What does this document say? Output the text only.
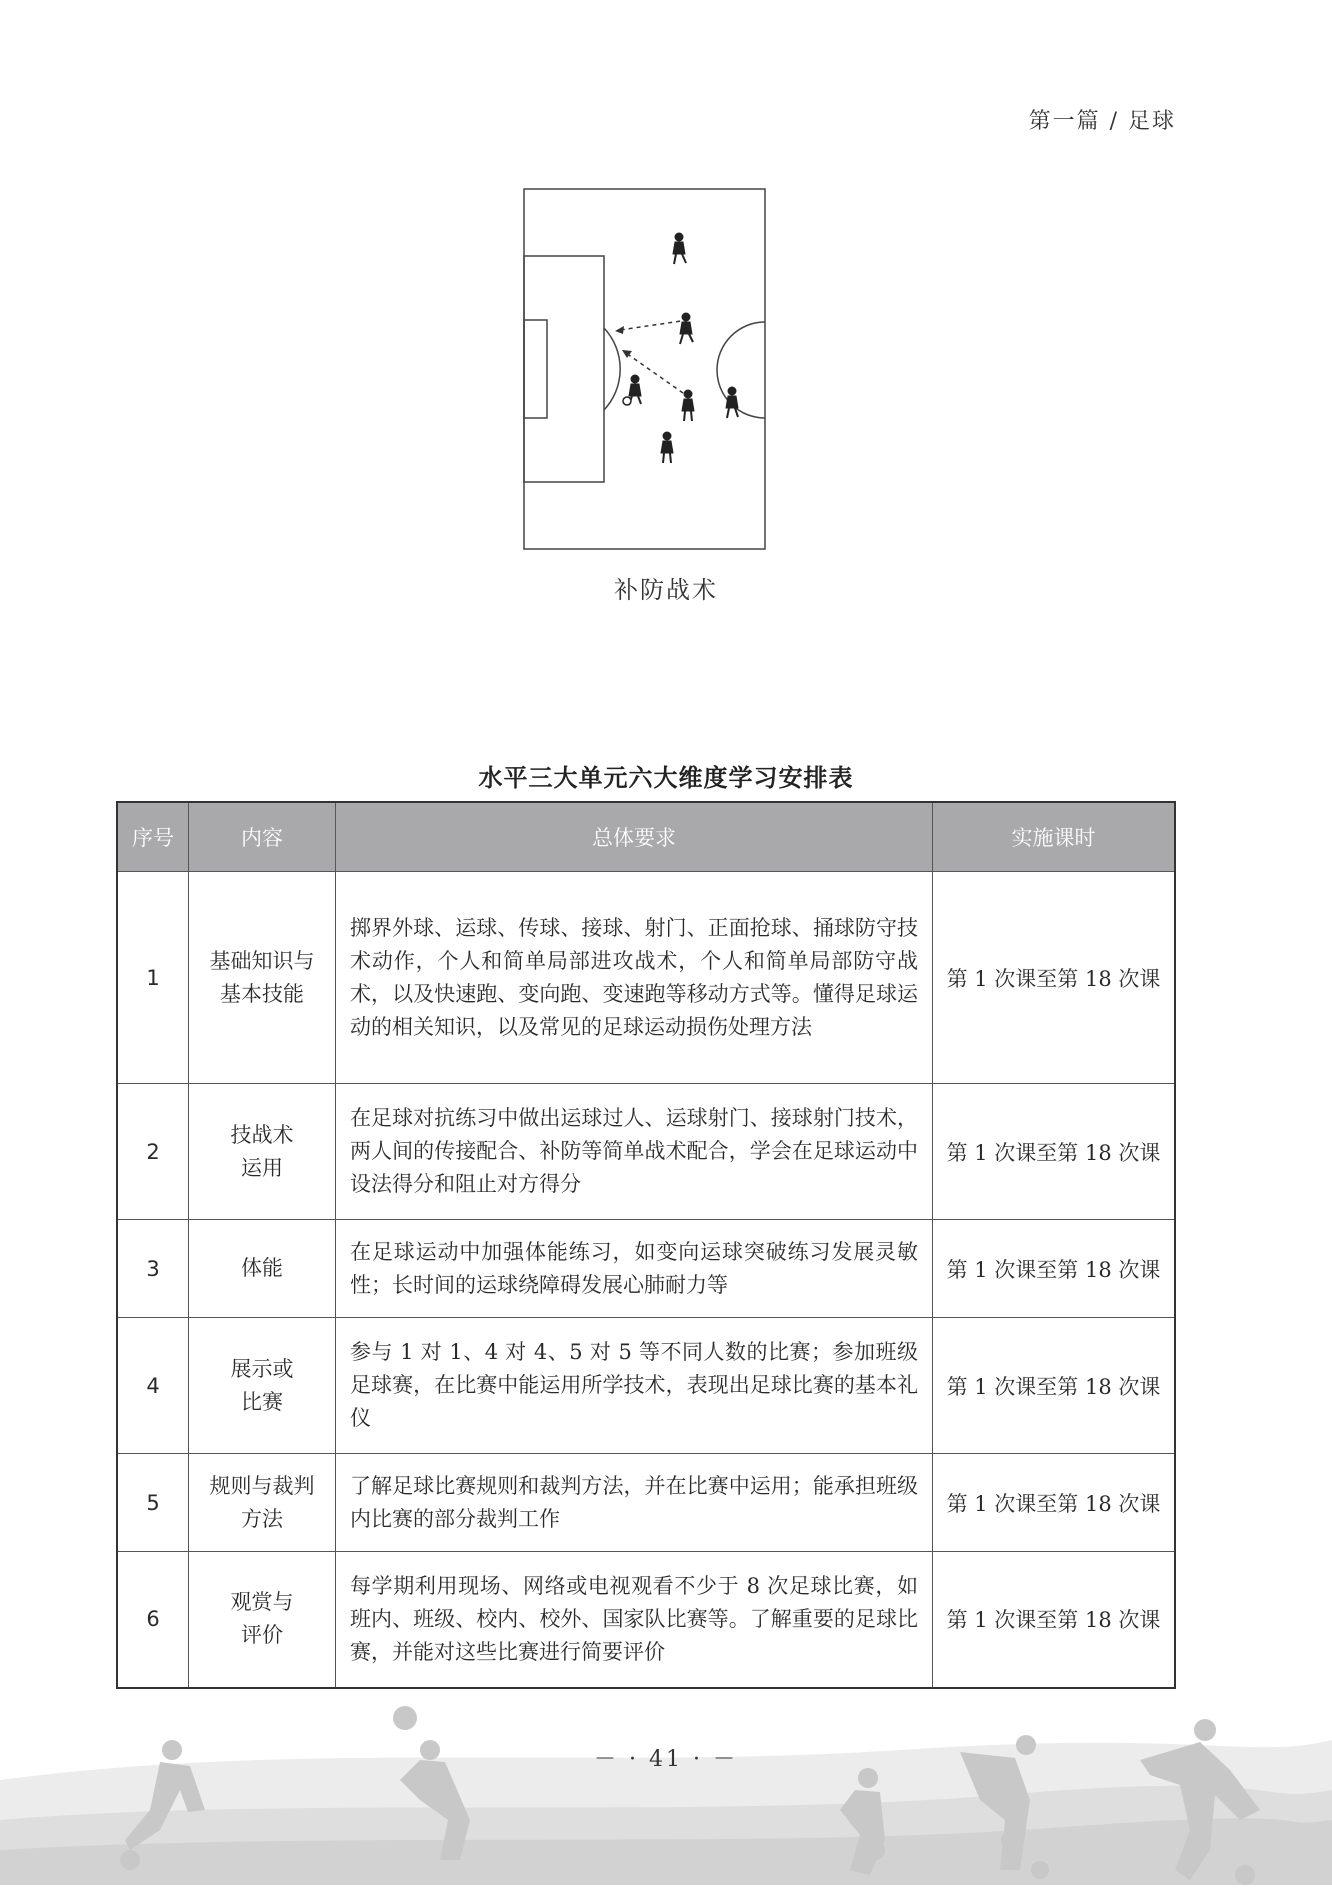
第一篇 / 足球
补防战术
三、水平三大单元六大维度学习安排
水平三大单元六大维度学习安排表
序号	内容	总体要求	实施课时
1	基础知识与基本技能	掷界外球、运球、传球、接球、射门、正面抢球、捅球防守技术动作，个人和简单局部进攻战术，个人和简单局部防守战术，以及快速跑、变向跑、变速跑等移动方式等。懂得足球运动的相关知识，以及常见的足球运动损伤处理方法	第 1 次课至第 18 次课
2	技战术运用	在足球对抗练习中做出运球过人、运球射门、接球射门技术，两人间的传接配合、补防等简单战术配合，学会在足球运动中设法得分和阻止对方得分	第 1 次课至第 18 次课
3	体能	在足球运动中加强体能练习，如变向运球突破练习发展灵敏性；长时间的运球绕障碍发展心肺耐力等	第 1 次课至第 18 次课
4	展示或比赛	参与 1 对 1、4 对 4、5 对 5 等不同人数的比赛；参加班级足球赛，在比赛中能运用所学技术，表现出足球比赛的基本礼仪	第 1 次课至第 18 次课
5	规则与裁判方法	了解足球比赛规则和裁判方法，并在比赛中运用；能承担班级内比赛的部分裁判工作	第 1 次课至第 18 次课
6	观赏与评价	每学期利用现场、网络或电视观看不少于 8 次足球比赛，如班内、班级、校内、校外、国家队比赛等。了解重要的足球比赛，并能对这些比赛进行简要评价	第 1 次课至第 18 次课
－ · 41 · －
